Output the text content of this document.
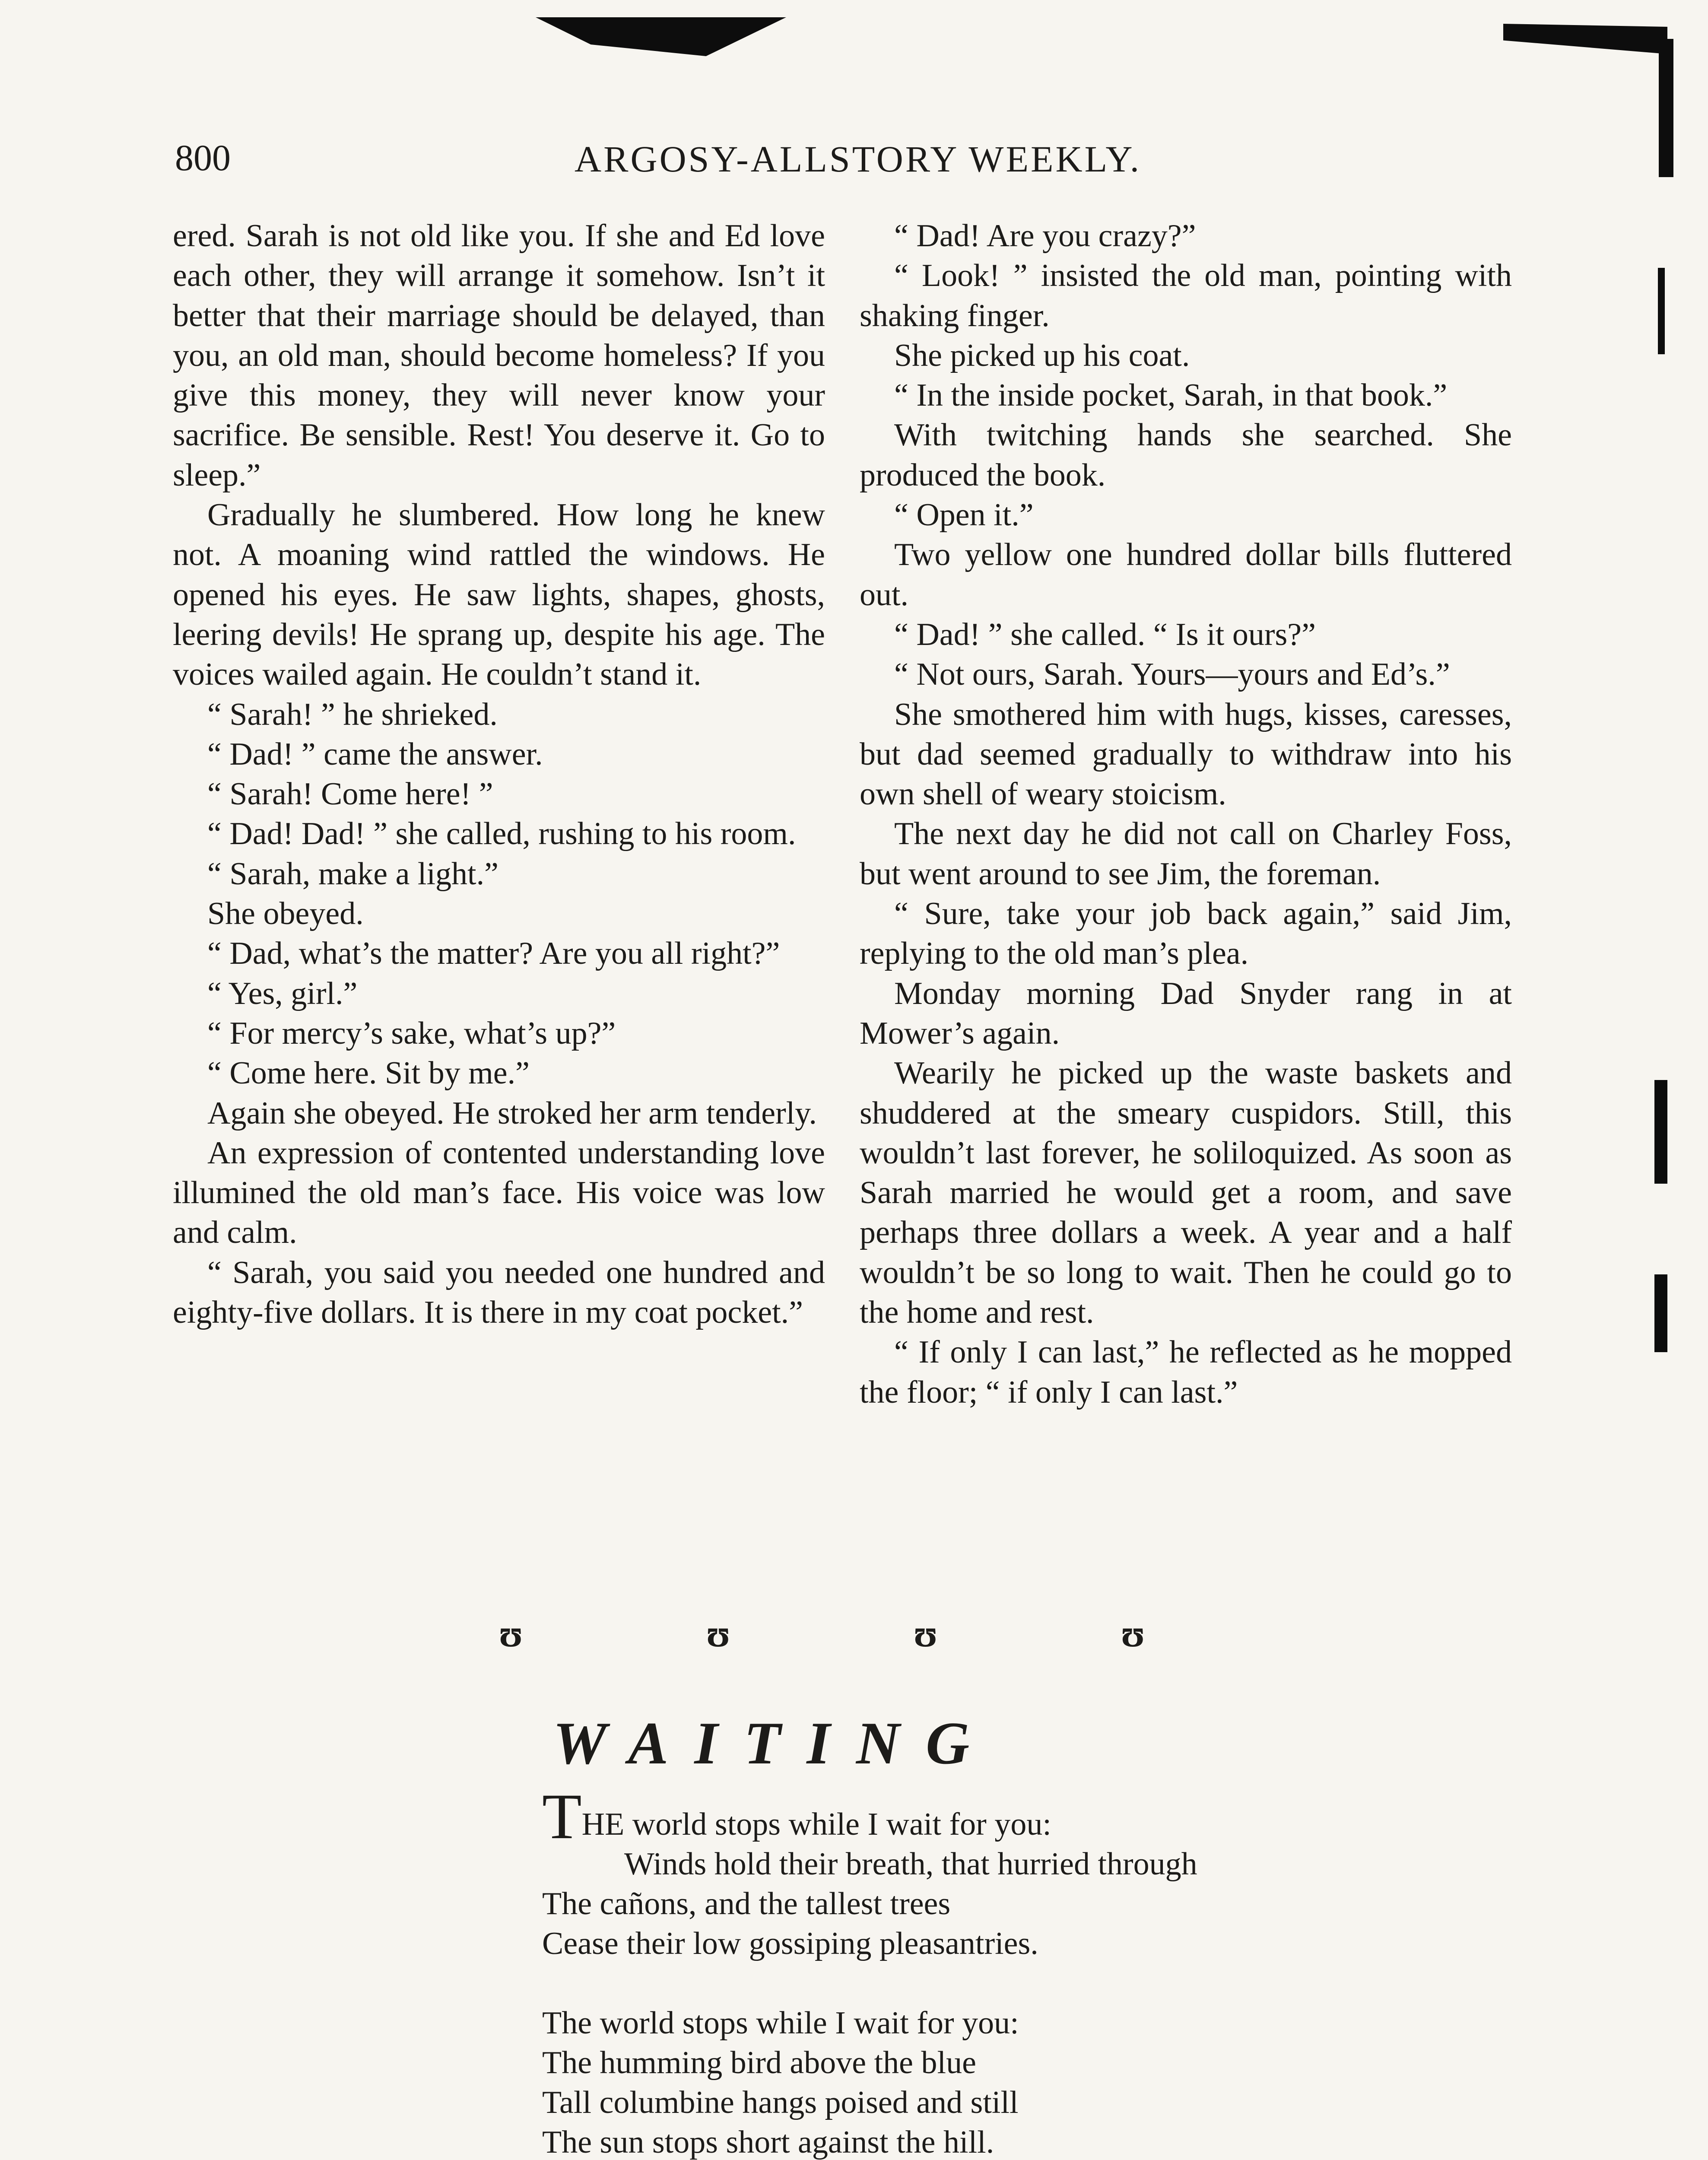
800	ARGOSY-ALLSTORY WEEKLY.

ered. Sarah is not old like you. If she and Ed love each other, they will arrange it somehow. Isn’t it better that their marriage should be delayed, than you, an old man, should become homeless? If you give this money, they will never know your sacrifice. Be sensible. Rest! You deserve it. Go to sleep.”

Gradually he slumbered. How long he knew not. A moaning wind rattled the windows. He opened his eyes. He saw lights, shapes, ghosts, leering devils! He sprang up, despite his age. The voices wailed again. He couldn’t stand it.

“ Sarah! ” he shrieked.

“ Dad! ” came the answer.

“ Sarah! Come here! ”

“ Dad! Dad! ” she called, rushing to his room.

“ Sarah, make a light.”

She obeyed.

“ Dad, what’s the matter? Are you all right?”

“ Yes, girl.”

“ For mercy’s sake, what’s up?”

“ Come here. Sit by me.”

Again she obeyed. He stroked her arm tenderly.

An expression of contented understanding love illumined the old man’s face. His voice was low and calm.

“ Sarah, you said you needed one hundred and eighty-five dollars. It is there in my coat pocket.”

“ Dad! Are you crazy?”

“ Look! ” insisted the old man, pointing with shaking finger.

She picked up his coat.

“ In the inside pocket, Sarah, in that book.”

With twitching hands she searched. She produced the book.

“ Open it.”

Two yellow one hundred dollar bills fluttered out.

“ Dad! ” she called. “ Is it ours?”

“ Not ours, Sarah. Yours—yours and Ed’s.”

She smothered him with hugs, kisses, caresses, but dad seemed gradually to withdraw into his own shell of weary stoicism.

The next day he did not call on Charley Foss, but went around to see Jim, the foreman.

“ Sure, take your job back again,” said Jim, replying to the old man’s plea.

Monday morning Dad Snyder rang in at Mower’s again.

Wearily he picked up the waste baskets and shuddered at the smeary cuspidors. Still, this wouldn’t last forever, he soliloquized. As soon as Sarah married he would get a room, and save perhaps three dollars a week. A year and a half wouldn’t be so long to wait. Then he could go to the home and rest.

“ If only I can last,” he reflected as he mopped the floor; “ if only I can last.”

ʊ	ʊ	ʊ	ʊ
WAITING
THE world stops while I wait for you:
Winds hold their breath, that hurried through
The cañons, and the tallest trees
Cease their low gossiping pleasantries.
The world stops while I wait for you:
The humming bird above the blue
Tall columbine hangs poised and still
The sun stops short against the hill.
